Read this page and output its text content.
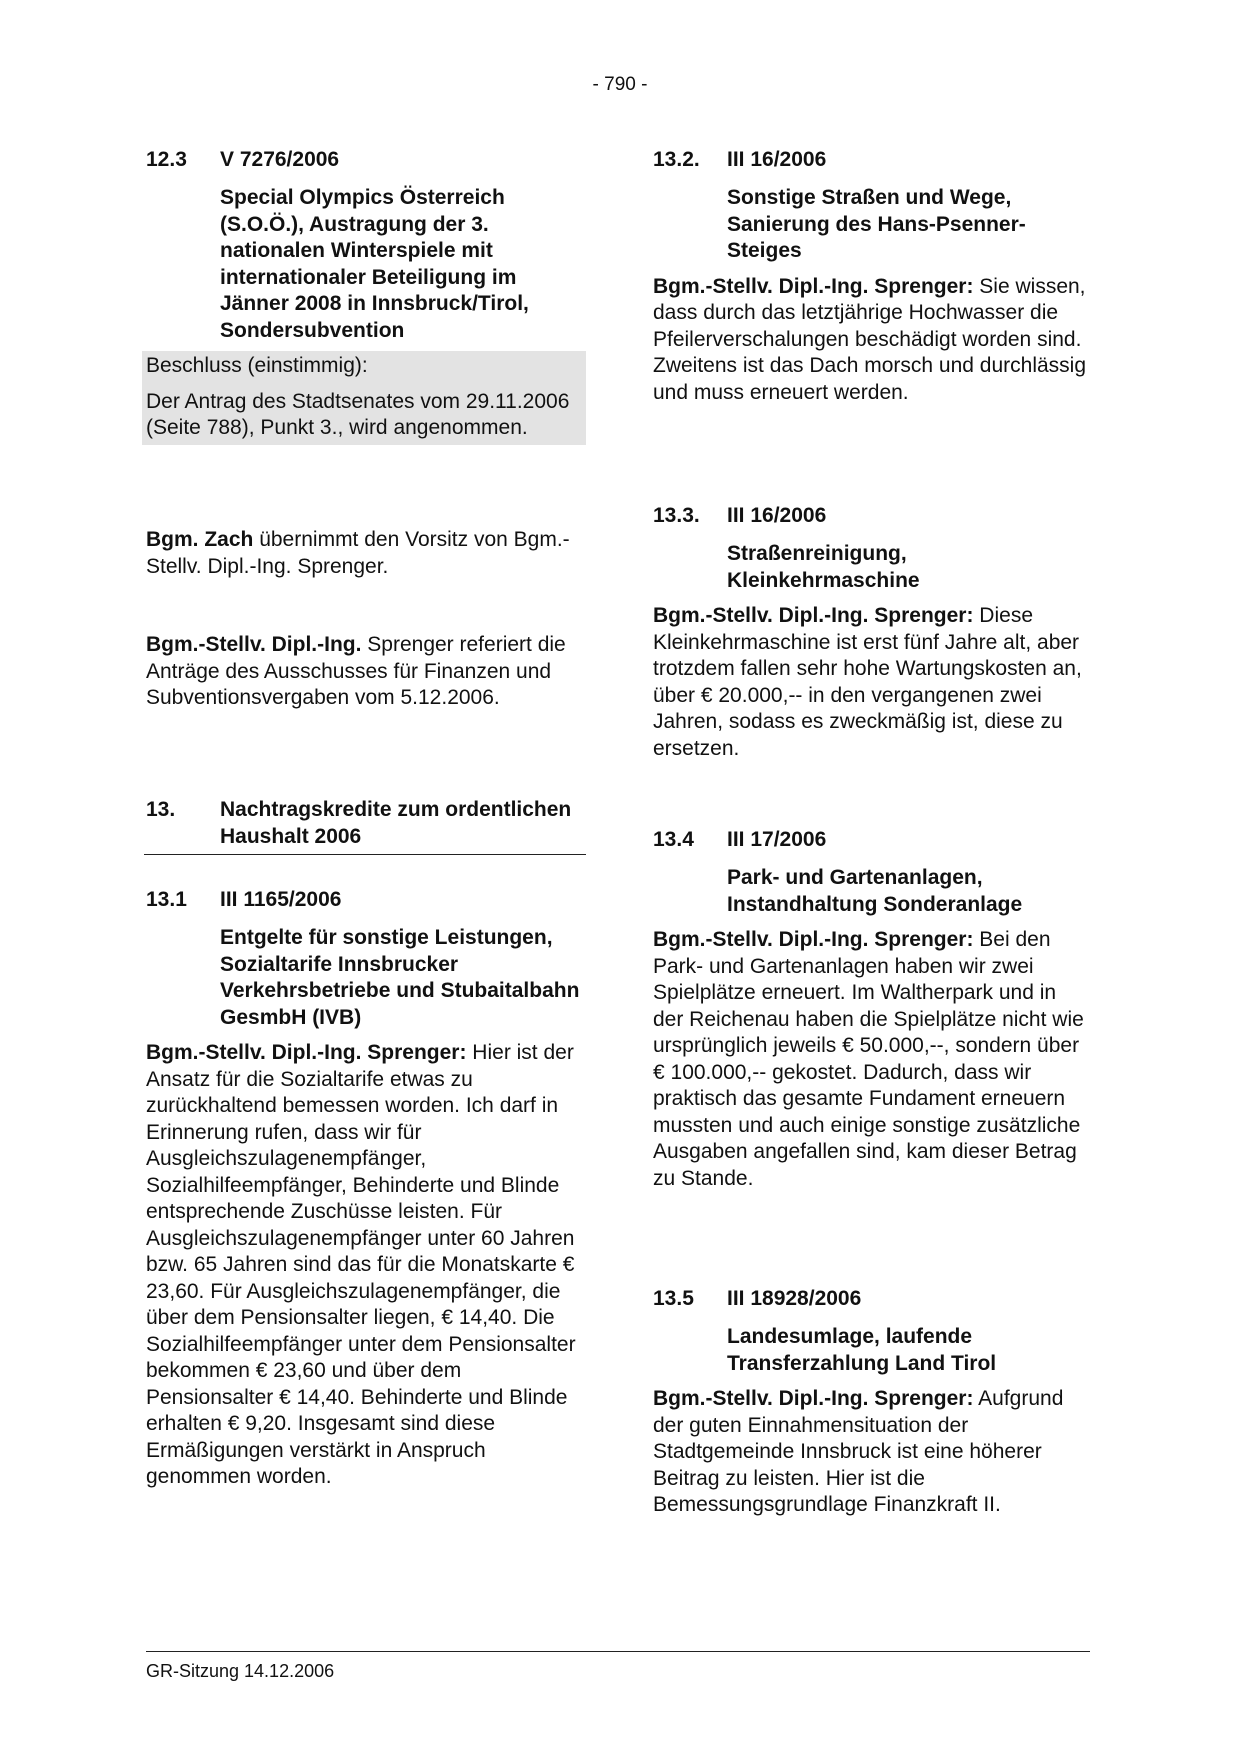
- 790 -
12.3 V 7276/2006
Special Olympics Österreich (S.O.Ö.), Austragung der 3. nationalen Winterspiele mit internationaler Beteiligung im Jänner 2008 in Innsbruck/Tirol, Sondersubvention
Beschluss (einstimmig):
Der Antrag des Stadtsenates vom 29.11.2006 (Seite 788), Punkt 3., wird angenommen.
Bgm. Zach übernimmt den Vorsitz von Bgm.-Stellv. Dipl.-Ing. Sprenger.
Bgm.-Stellv. Dipl.-Ing. Sprenger referiert die Anträge des Ausschusses für Finanzen und Subventionsvergaben vom 5.12.2006.
13.	Nachtragskredite zum ordentlichen Haushalt 2006
13.1 III 1165/2006
Entgelte für sonstige Leistungen, Sozialtarife Innsbrucker Verkehrsbetriebe und Stubaitalbahn GesmbH (IVB)
Bgm.-Stellv. Dipl.-Ing. Sprenger: Hier ist der Ansatz für die Sozialtarife etwas zu zurückhaltend bemessen worden. Ich darf in Erinnerung rufen, dass wir für Ausgleichszulagenempfänger, Sozialhilfeempfänger, Behinderte und Blinde entsprechende Zuschüsse leisten. Für Ausgleichszulagenempfänger unter 60 Jahren bzw. 65 Jahren sind das für die Monatskarte € 23,60. Für Ausgleichszulagenempfänger, die über dem Pensionsalter liegen, € 14,40. Die Sozialhilfeempfänger unter dem Pensionsalter bekommen € 23,60 und über dem Pensionsalter € 14,40. Behinderte und Blinde erhalten € 9,20. Insgesamt sind diese Ermäßigungen verstärkt in Anspruch genommen worden.
13.2. III 16/2006
Sonstige Straßen und Wege, Sanierung des Hans-Psenner-Steiges
Bgm.-Stellv. Dipl.-Ing. Sprenger: Sie wissen, dass durch das letztjährige Hochwasser die Pfeilerverschalungen beschädigt worden sind. Zweitens ist das Dach morsch und durchlässig und muss erneuert werden.
13.3. III 16/2006
Straßenreinigung, Kleinkehrmaschine
Bgm.-Stellv. Dipl.-Ing. Sprenger: Diese Kleinkehrmaschine ist erst fünf Jahre alt, aber trotzdem fallen sehr hohe Wartungskosten an, über € 20.000,-- in den vergangenen zwei Jahren, sodass es zweckmäßig ist, diese zu ersetzen.
13.4 III 17/2006
Park- und Gartenanlagen, Instandhaltung Sonderanlage
Bgm.-Stellv. Dipl.-Ing. Sprenger: Bei den Park- und Gartenanlagen haben wir zwei Spielplätze erneuert. Im Waltherpark und in der Reichenau haben die Spielplätze nicht wie ursprünglich jeweils € 50.000,--, sondern über € 100.000,-- gekostet. Dadurch, dass wir praktisch das gesamte Fundament erneuern mussten und auch einige sonstige zusätzliche Ausgaben angefallen sind, kam dieser Betrag zu Stande.
13.5 III 18928/2006
Landesumlage, laufende Transferzahlung Land Tirol
Bgm.-Stellv. Dipl.-Ing. Sprenger: Aufgrund der guten Einnahmensituation der Stadtgemeinde Innsbruck ist eine höherer Beitrag zu leisten. Hier ist die Bemessungsgrundlage Finanzkraft II.
GR-Sitzung 14.12.2006
